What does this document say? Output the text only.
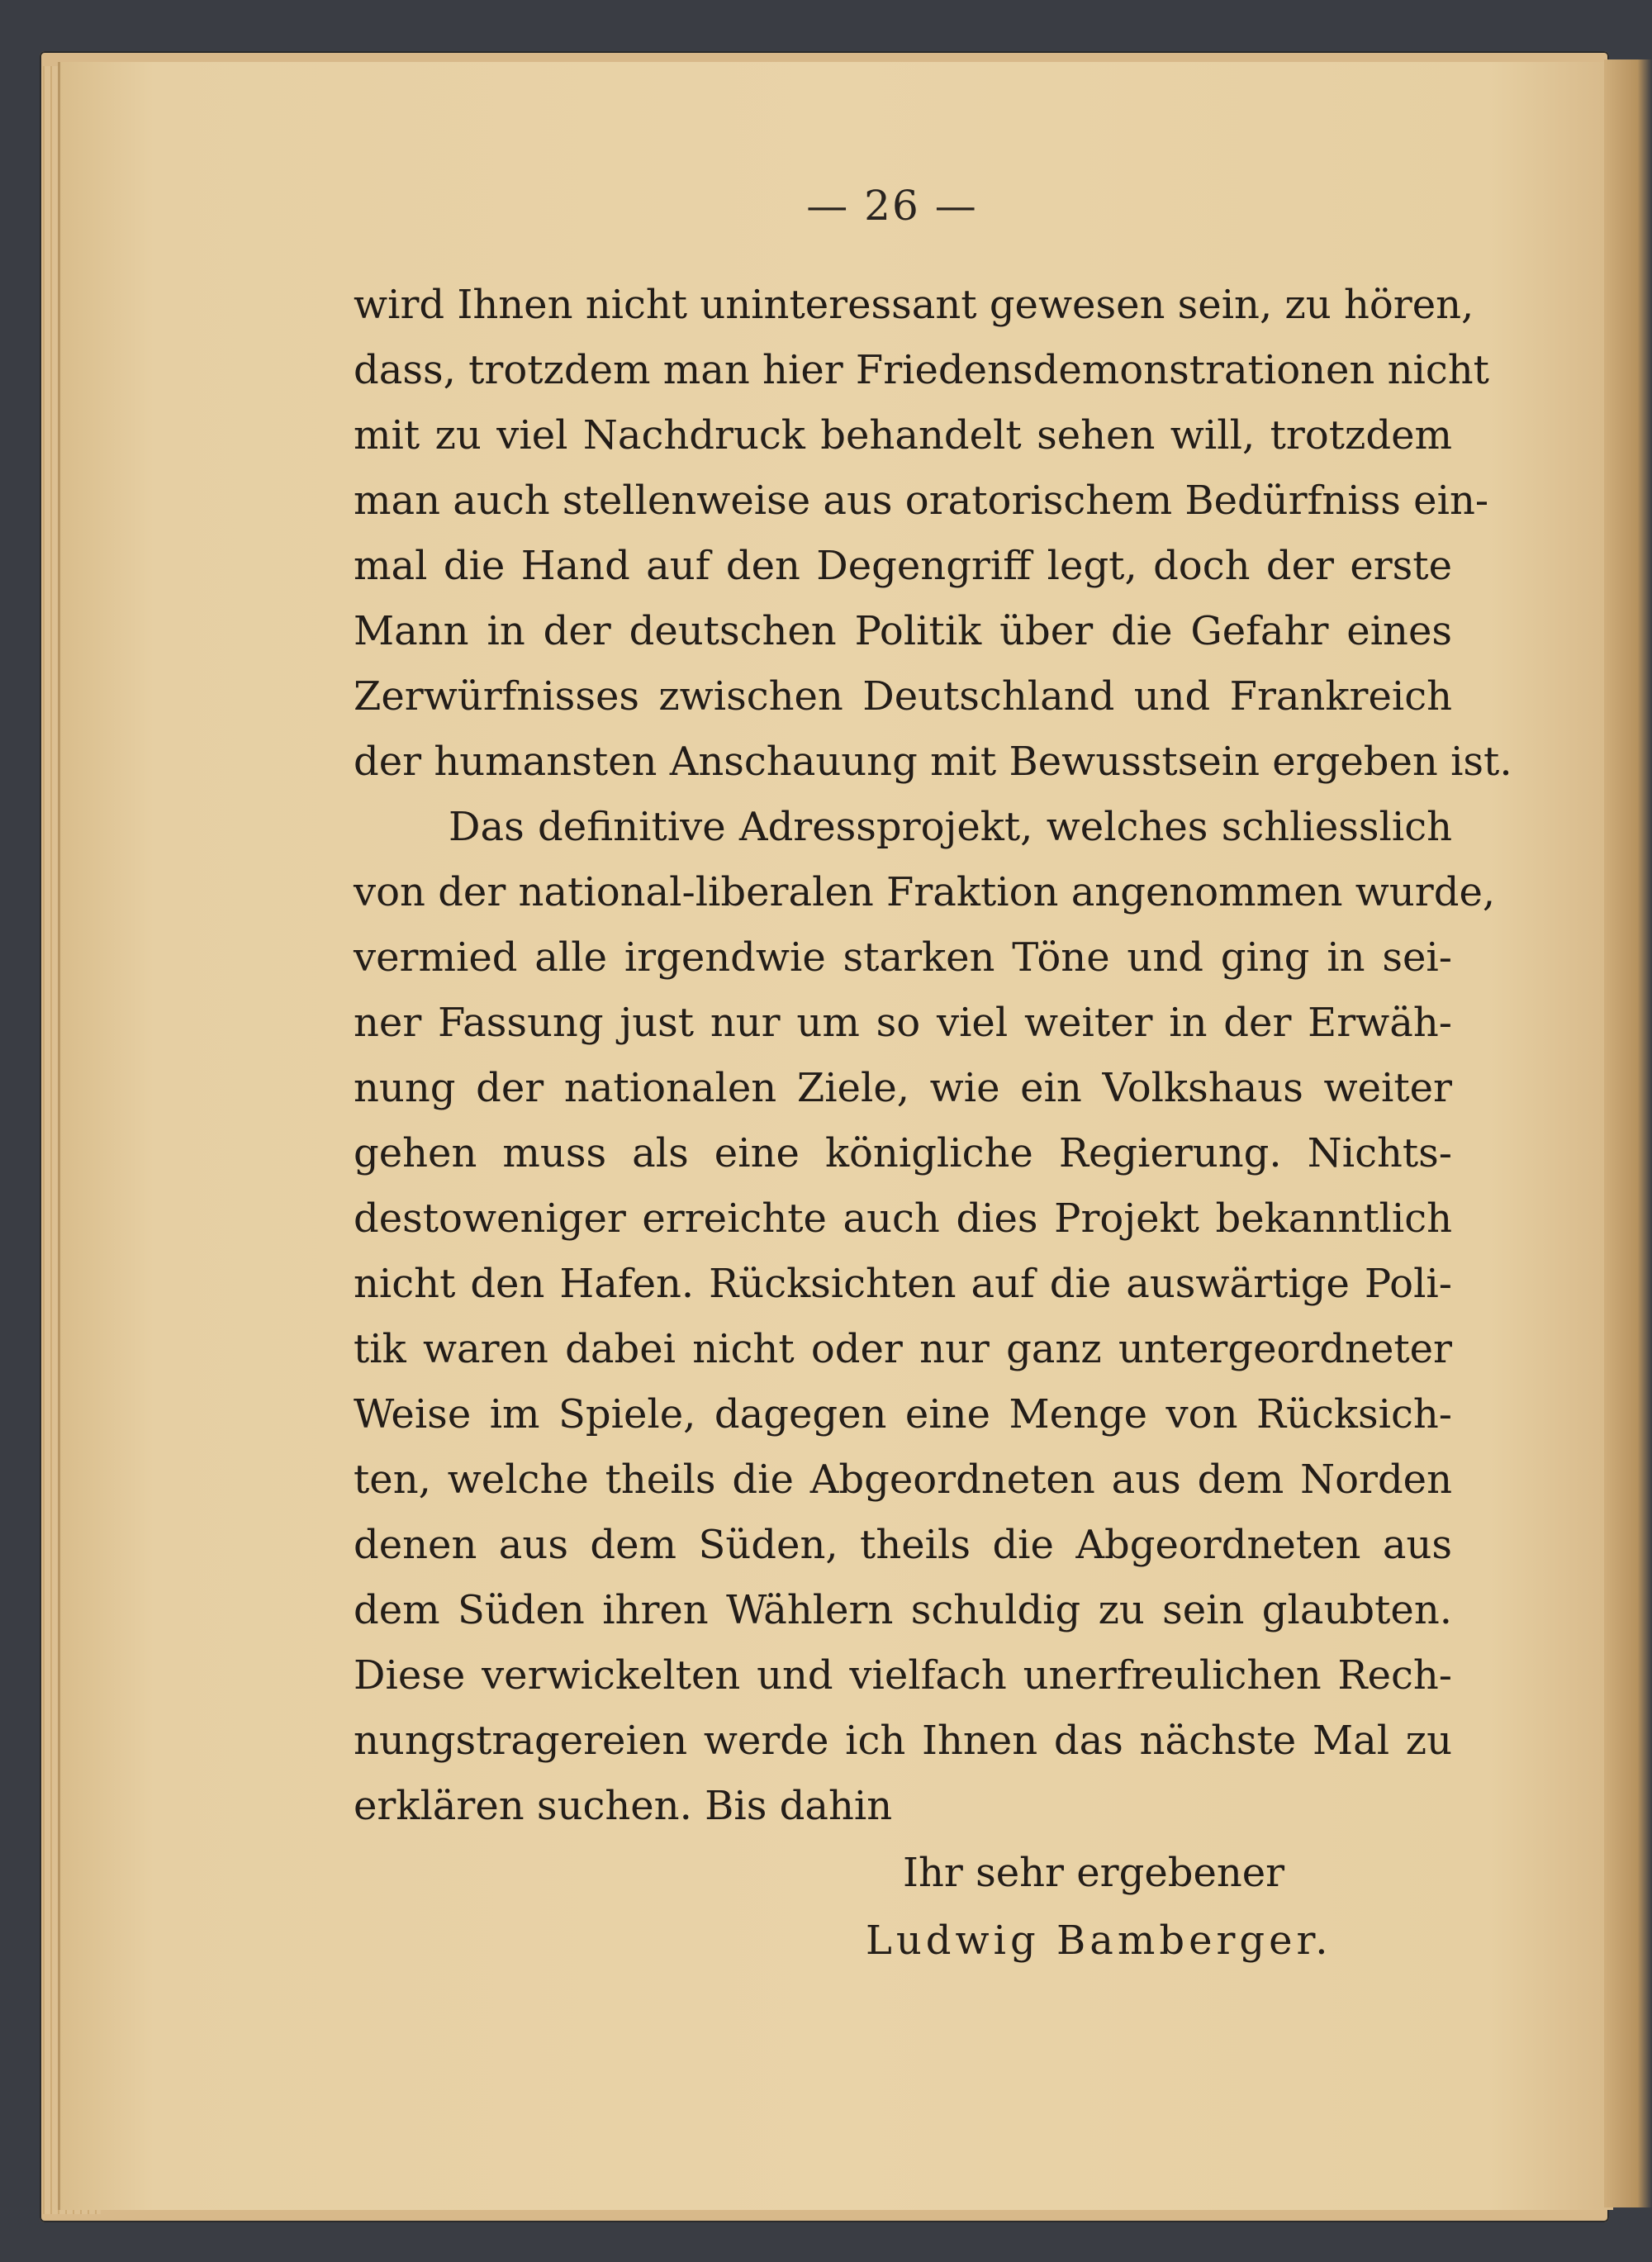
— 26 —
wird Ihnen nicht uninteressant gewesen sein, zu hören,
dass, trotzdem man hier Friedensdemonstrationen nicht
mit zu viel Nachdruck behandelt sehen will, trotzdem
man auch stellenweise aus oratorischem Bedürfniss ein-
mal die Hand auf den Degengriff legt, doch der erste
Mann in der deutschen Politik über die Gefahr eines
Zerwürfnisses zwischen Deutschland und Frankreich
der humansten Anschauung mit Bewusstsein ergeben ist.
Das definitive Adressprojekt, welches schliesslich
von der national-liberalen Fraktion angenommen wurde,
vermied alle irgendwie starken Töne und ging in sei-
ner Fassung just nur um so viel weiter in der Erwäh-
nung der nationalen Ziele, wie ein Volkshaus weiter
gehen muss als eine königliche Regierung. Nichts-
destoweniger erreichte auch dies Projekt bekanntlich
nicht den Hafen. Rücksichten auf die auswärtige Poli-
tik waren dabei nicht oder nur ganz untergeordneter
Weise im Spiele, dagegen eine Menge von Rücksich-
ten, welche theils die Abgeordneten aus dem Norden
denen aus dem Süden, theils die Abgeordneten aus
dem Süden ihren Wählern schuldig zu sein glaubten.
Diese verwickelten und vielfach unerfreulichen Rech-
nungstragereien werde ich Ihnen das nächste Mal zu
erklären suchen. Bis dahin
Ihr sehr ergebener
Ludwig Bamberger.
